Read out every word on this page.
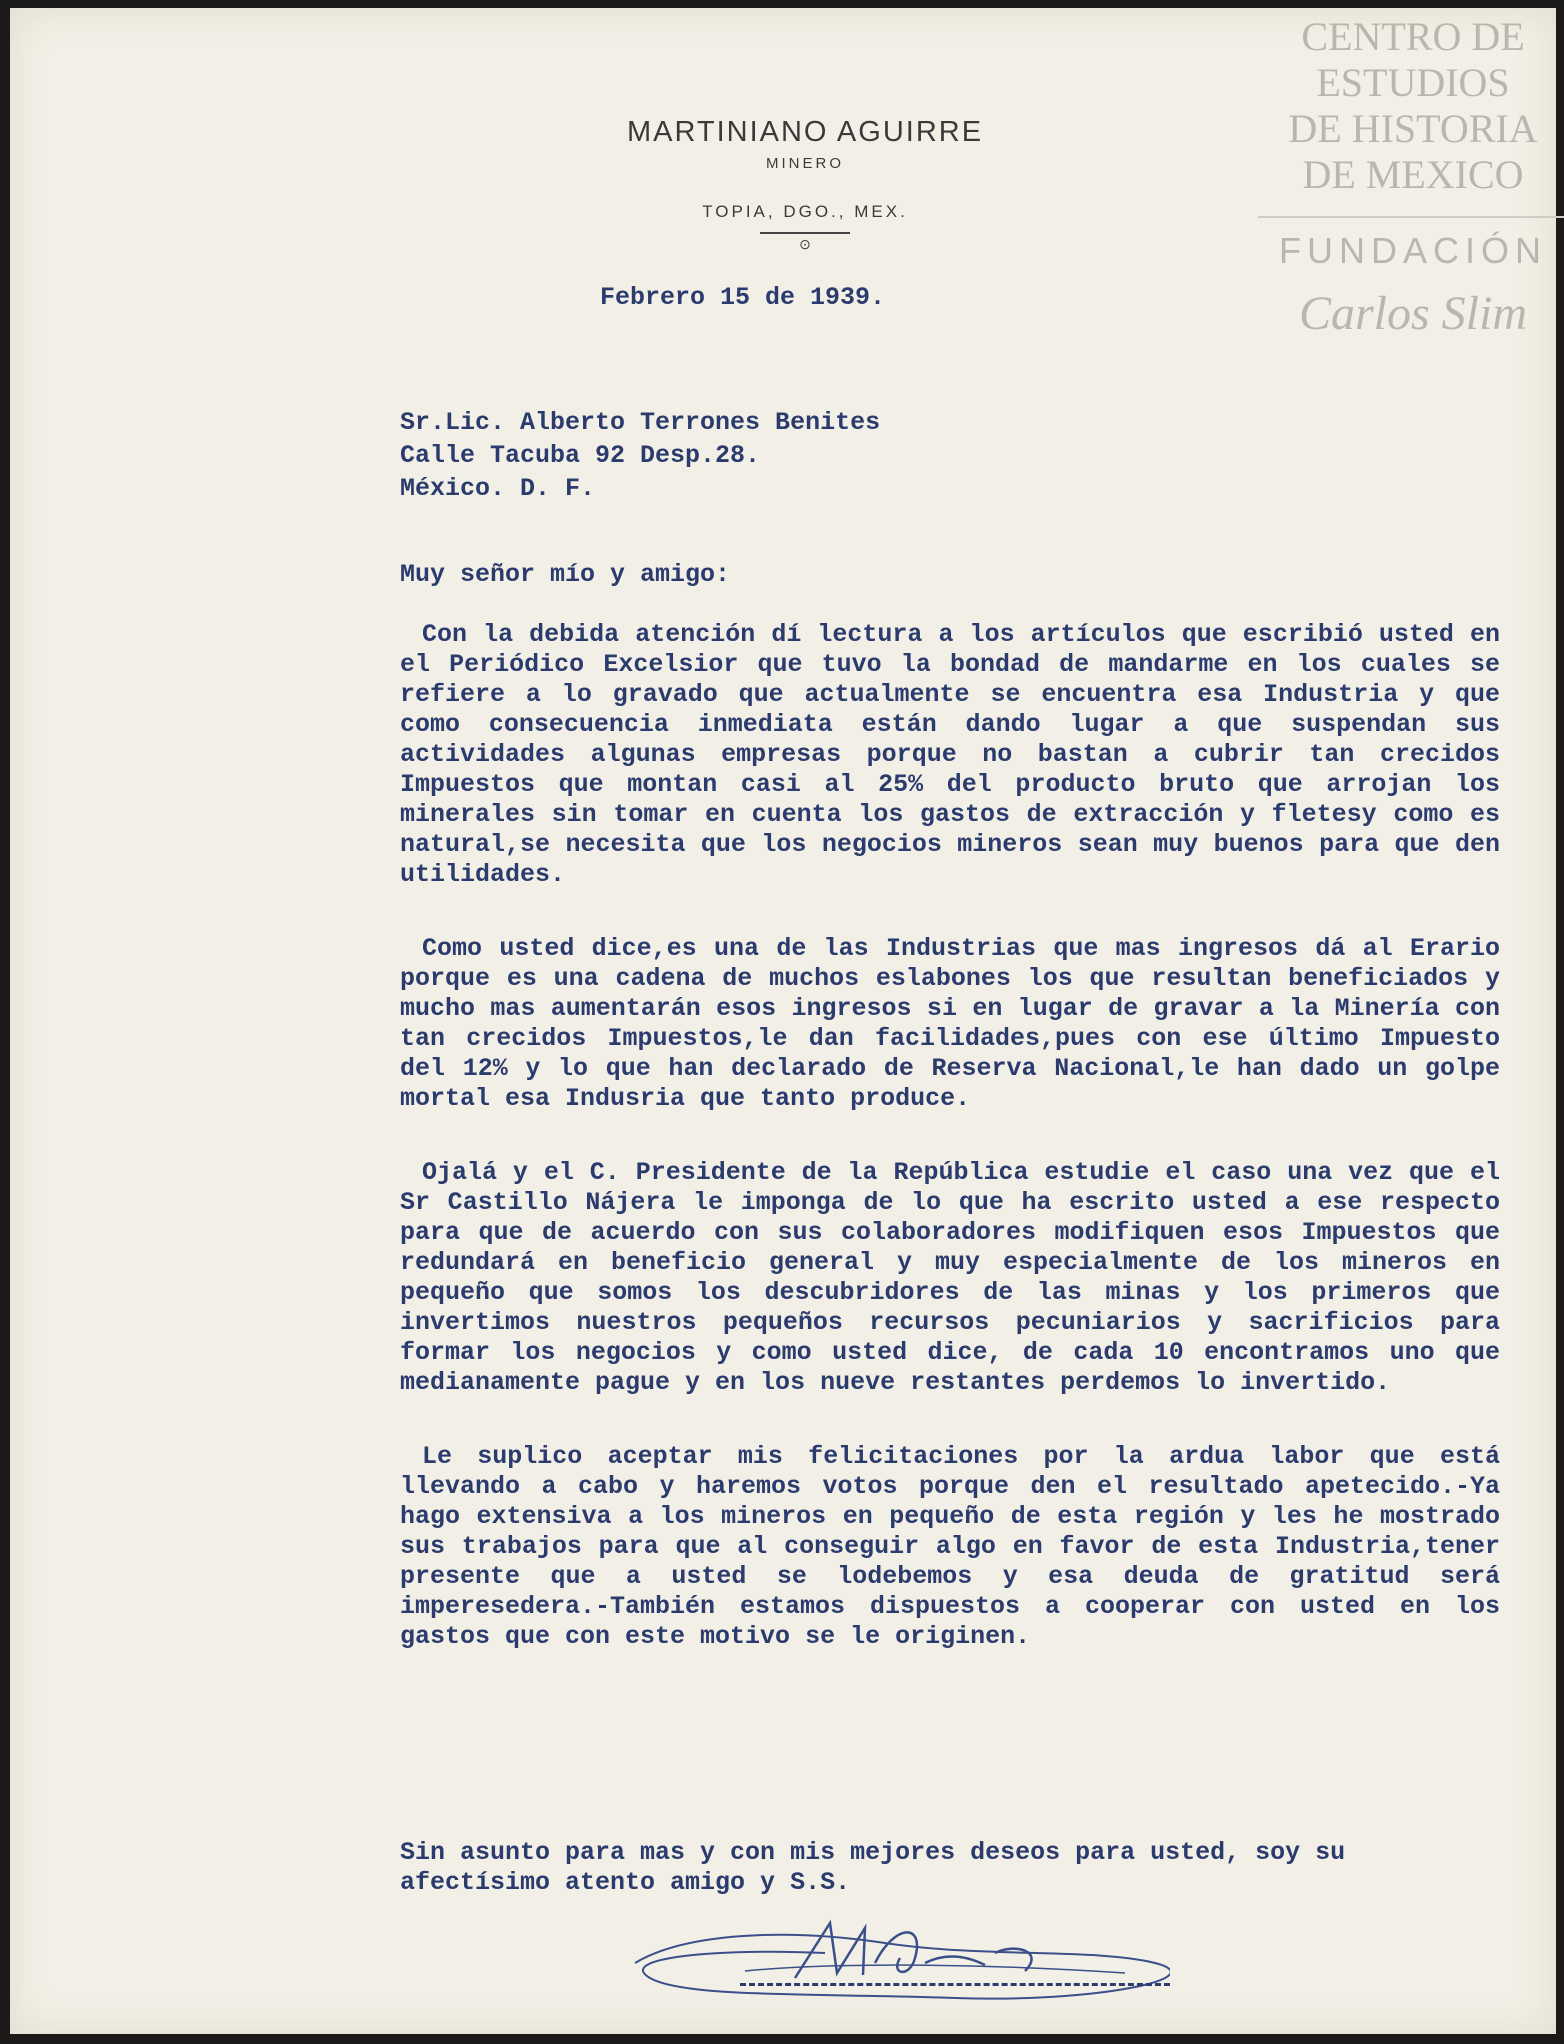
MARTINIANO AGUIRRE
MINERO
TOPIA, DGO., MEX.
⊙
CENTRO DE
ESTUDIOS
DE HISTORIA
DE MEXICO
FUNDACIÓN
Carlos Slim
Febrero 15 de 1939.
Sr.Lic. Alberto Terrones Benites
Calle Tacuba 92 Desp.28.
México. D. F.
Muy señor mío y amigo:

Con la debida atención dí lectura a los artículos que escribió usted en el Periódico Excelsior que tuvo la bondad de mandarme en los cuales se refiere a lo gravado que actualmente se encuentra esa Industria y que como consecuencia inmediata están dando lugar a que suspendan sus actividades algunas empresas porque no bastan a cubrir tan crecidos Impuestos que montan casi al 25% del producto bruto que arrojan los minerales sin tomar en cuenta los gastos de extracción y fletesy como es natural,se necesita que los negocios mineros sean muy buenos para que den utilidades.

Como usted dice,es una de las Industrias que mas ingresos dá al Erario porque es una cadena de muchos eslabones los que resultan beneficiados y mucho mas aumentarán esos ingresos si en lugar de gravar a la Minería con tan crecidos Impuestos,le dan facilidades,pues con ese último Impuesto del 12% y lo que han declarado de Reserva Nacional,le han dado un golpe mortal esa Indusria que tanto produce.

Ojalá y el C. Presidente de la República estudie el caso una vez que el Sr Castillo Nájera le imponga de lo que ha escrito usted a ese respecto para que de acuerdo con sus colaboradores modifiquen esos Impuestos que redundará en beneficio general y muy especialmente de los mineros en pequeño que somos los descubridores de las minas y los primeros que invertimos nuestros pequeños recursos pecuniarios y sacrificios para formar los negocios y como usted dice, de cada 10 encontramos uno que medianamente pague y en los nueve restantes perdemos lo invertido.

Le suplico aceptar mis felicitaciones por la ardua labor que está llevando a cabo y haremos votos porque den el resultado apetecido.-Ya hago extensiva a los mineros en pequeño de esta región y les he mostrado sus trabajos para que al conseguir algo en favor de esta Industria,tener presente que a usted se lodebemos y esa deuda de gratitud será imperesedera.-También estamos dispuestos a cooperar con usted en los gastos que con este motivo se le originen.

Sin asunto para mas y con mis mejores deseos para usted, soy su afectísimo atento amigo y S.S.
